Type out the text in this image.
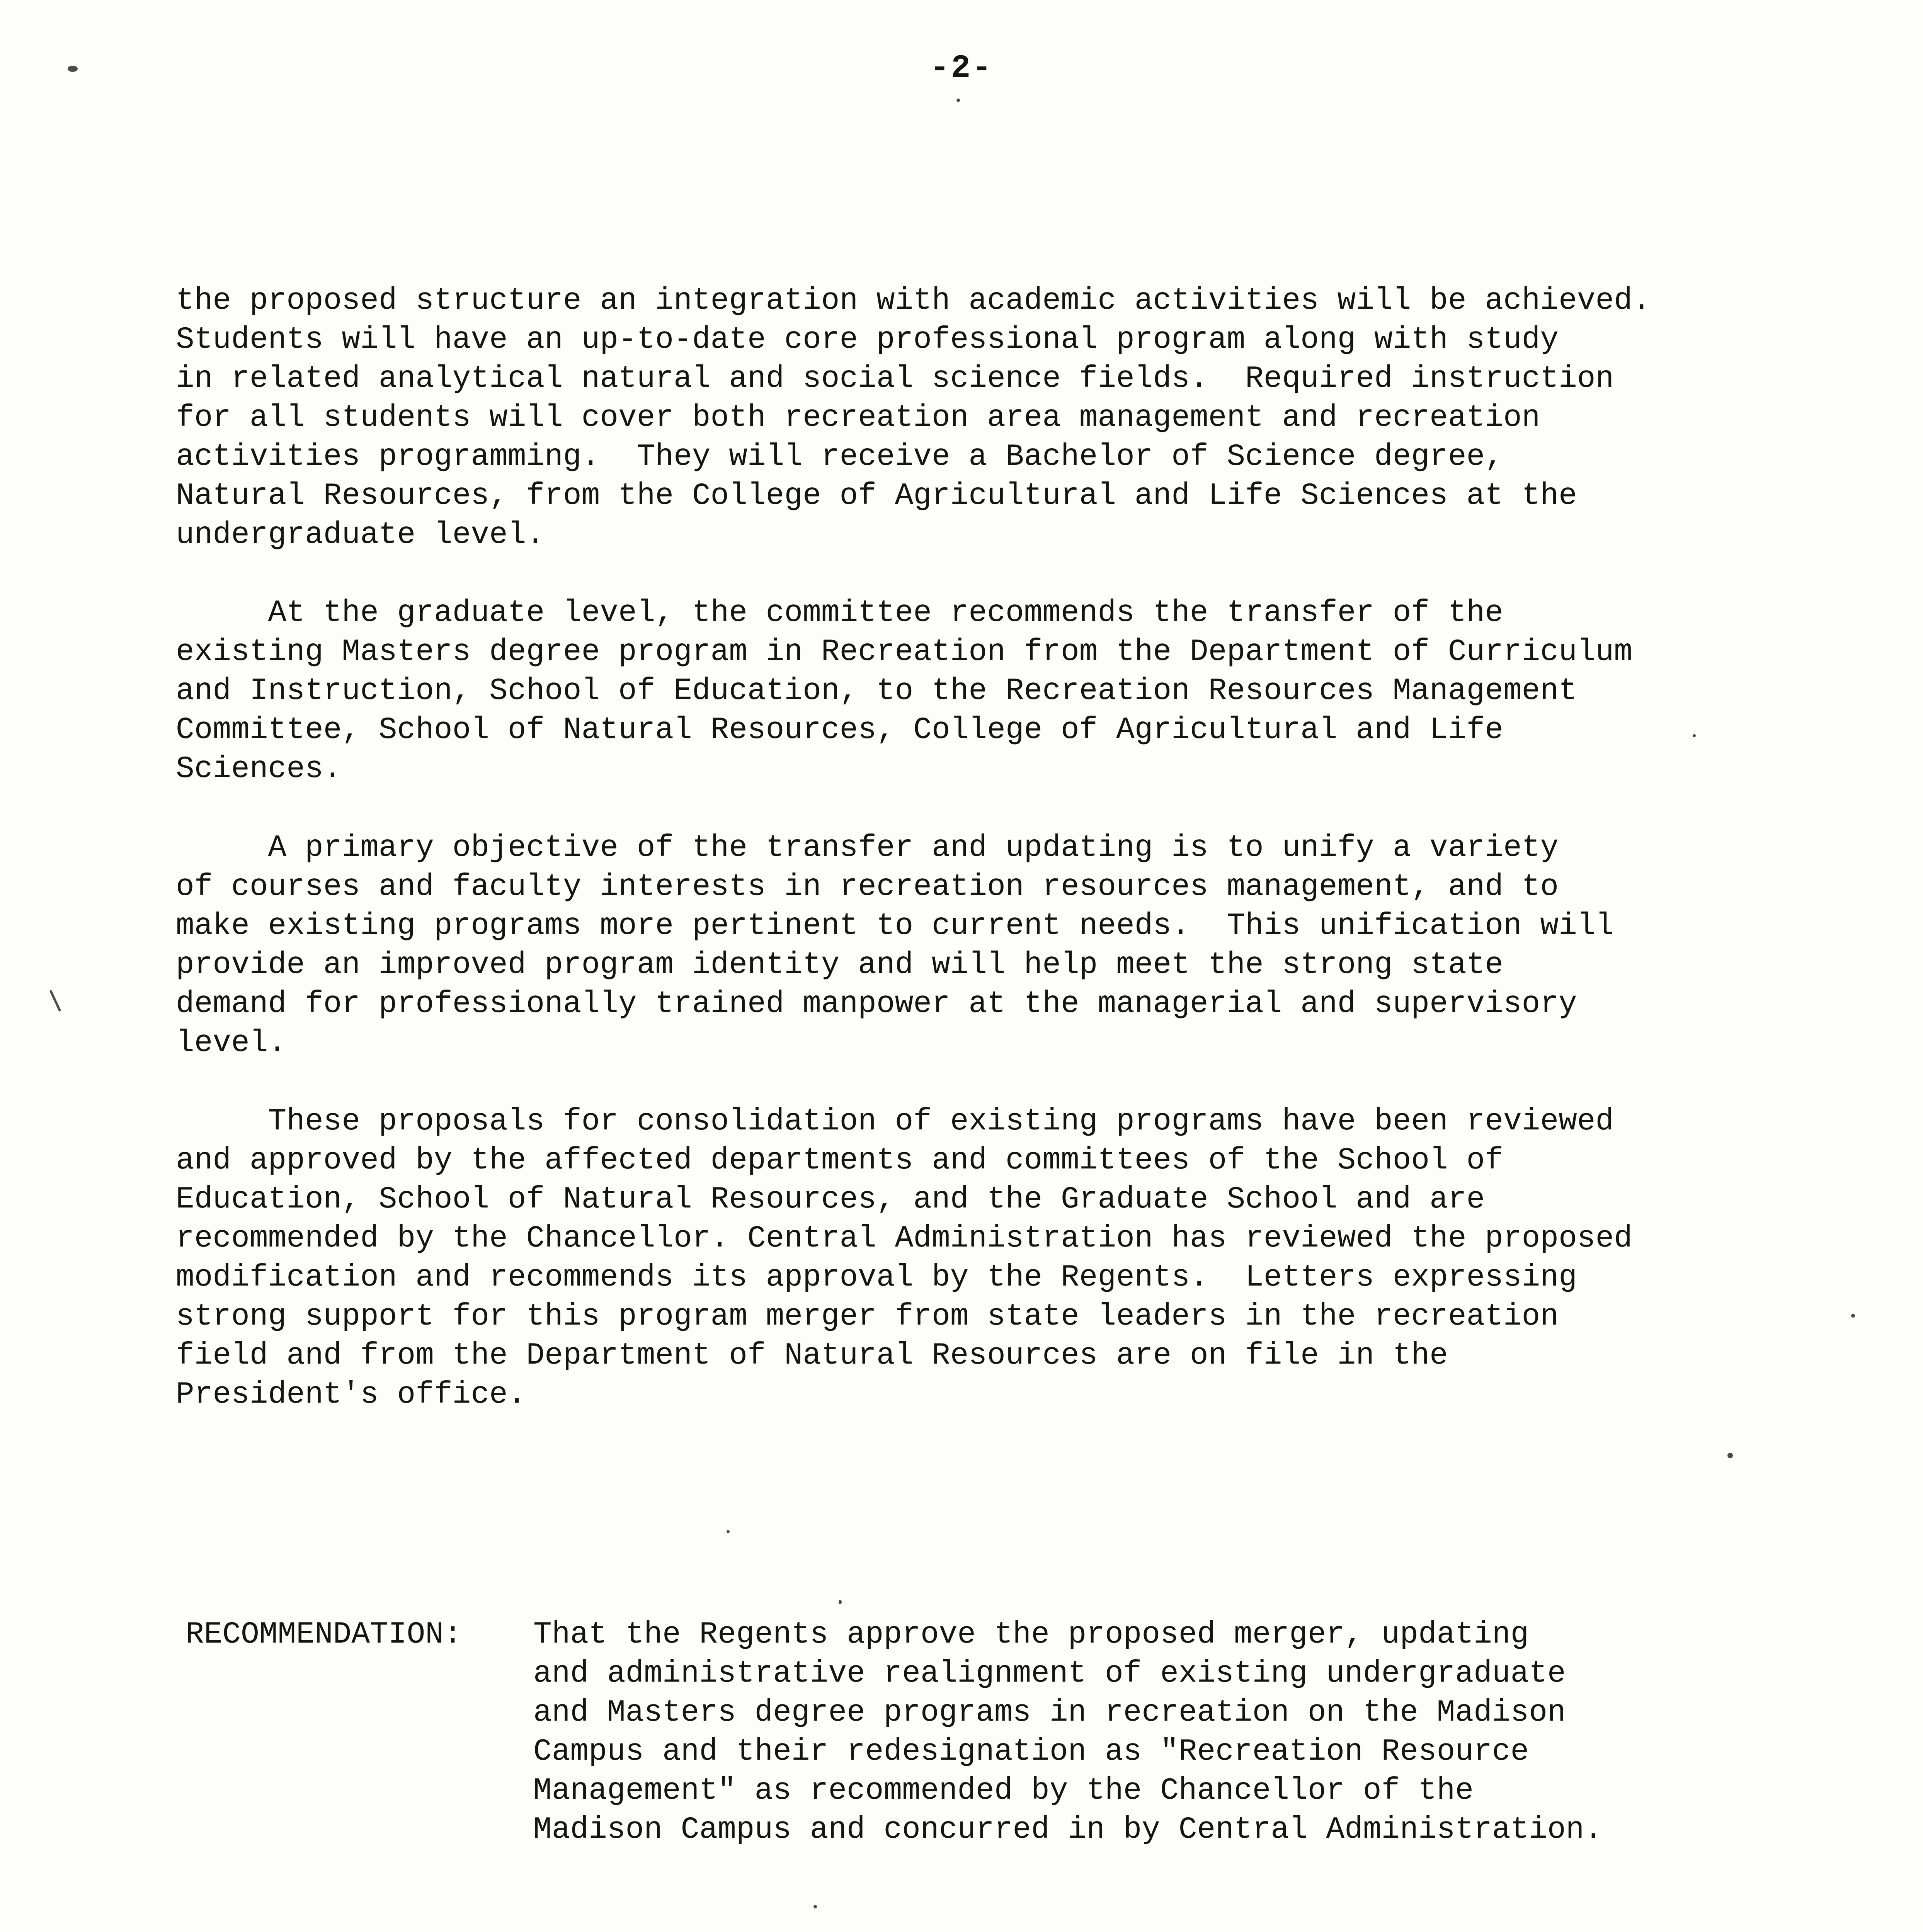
-2-

the proposed structure an integration with academic activities will be achieved.
Students will have an up-to-date core professional program along with study
in related analytical natural and social science fields.  Required instruction
for all students will cover both recreation area management and recreation
activities programming.  They will receive a Bachelor of Science degree,
Natural Resources, from the College of Agricultural and Life Sciences at the
undergraduate level.

At the graduate level, the committee recommends the transfer of the
existing Masters degree program in Recreation from the Department of Curriculum
and Instruction, School of Education, to the Recreation Resources Management
Committee, School of Natural Resources, College of Agricultural and Life
Sciences.

A primary objective of the transfer and updating is to unify a variety
of courses and faculty interests in recreation resources management, and to
make existing programs more pertinent to current needs.  This unification will
provide an improved program identity and will help meet the strong state
demand for professionally trained manpower at the managerial and supervisory
level.

These proposals for consolidation of existing programs have been reviewed
and approved by the affected departments and committees of the School of
Education, School of Natural Resources, and the Graduate School and are
recommended by the Chancellor. Central Administration has reviewed the proposed
modification and recommends its approval by the Regents.  Letters expressing
strong support for this program merger from state leaders in the recreation
field and from the Department of Natural Resources are on file in the
President's office.

RECOMMENDATION: That the Regents approve the proposed merger, updating
and administrative realignment of existing undergraduate
and Masters degree programs in recreation on the Madison
Campus and their redesignation as "Recreation Resource
Management" as recommended by the Chancellor of the
Madison Campus and concurred in by Central Administration.
